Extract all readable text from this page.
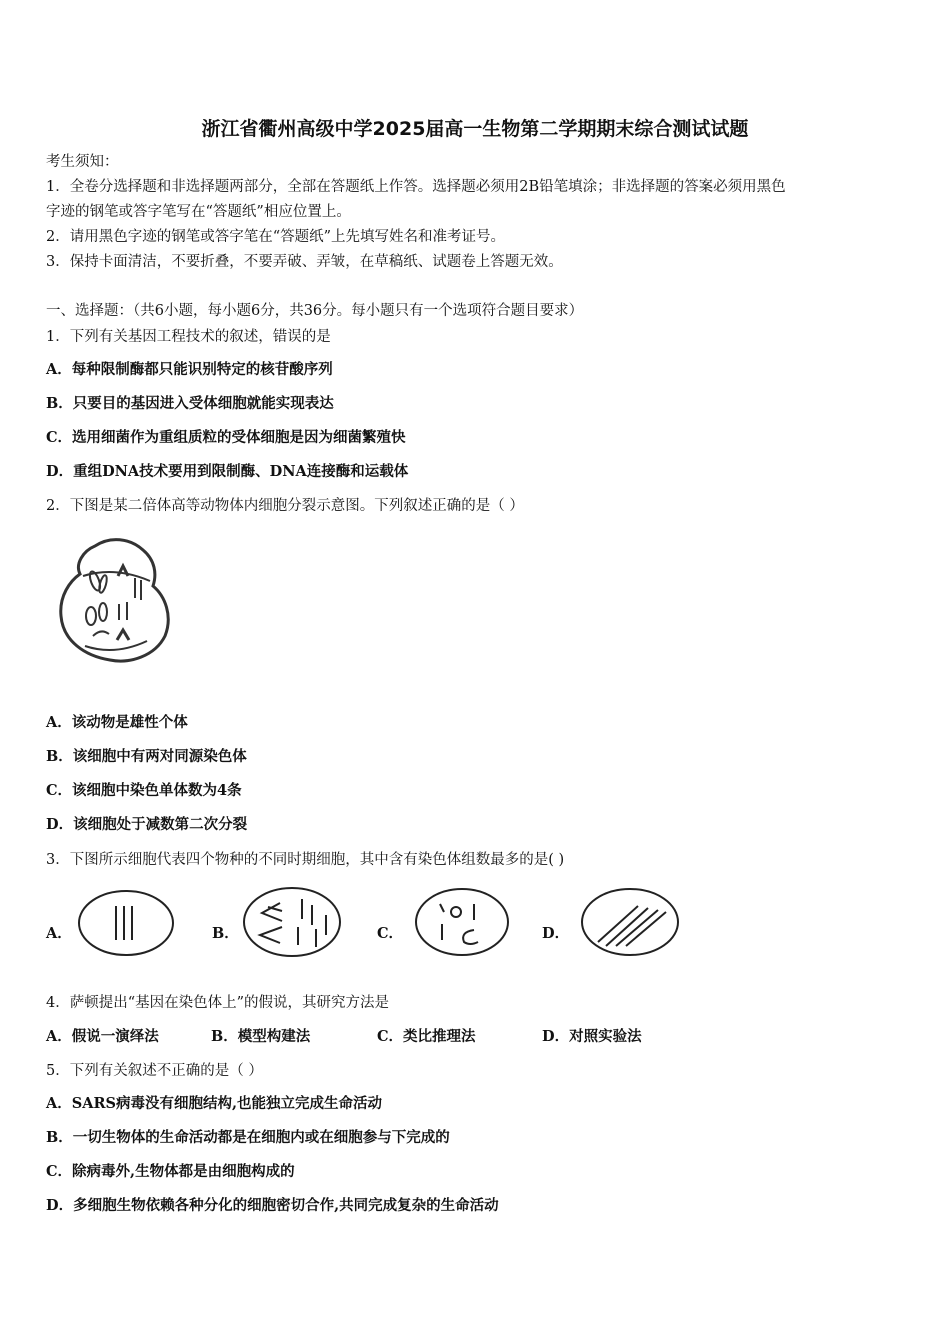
浙江省衢州高级中学2025届高一生物第二学期期末综合测试试题
考生须知：
1．全卷分选择题和非选择题两部分，全部在答题纸上作答。选择题必须用2B铅笔填涂；非选择题的答案必须用黑色
字迹的钢笔或答字笔写在“答题纸”相应位置上。
2．请用黑色字迹的钢笔或答字笔在“答题纸”上先填写姓名和准考证号。
3．保持卡面清洁，不要折叠，不要弄破、弄皱，在草稿纸、试题卷上答题无效。
一、选择题：（共6小题，每小题6分，共36分。每小题只有一个选项符合题目要求）
1．下列有关基因工程技术的叙述，错误的是
A．每种限制酶都只能识别特定的核苷酸序列
B．只要目的基因进入受体细胞就能实现表达
C．选用细菌作为重组质粒的受体细胞是因为细菌繁殖快
D．重组DNA技术要用到限制酶、DNA连接酶和运载体
2．下图是某二倍体高等动物体内细胞分裂示意图。下列叙述正确的是（ ）
A．该动物是雄性个体
B．该细胞中有两对同源染色体
C．该细胞中染色单体数为4条
D．该细胞处于减数第二次分裂
3．下图所示细胞代表四个物种的不同时期细胞，其中含有染色体组数最多的是( )
A．	B．	C．	D．
4．萨顿提出“基因在染色体上”的假说，其研究方法是
A．假说一演绎法	B．模型构建法	C．类比推理法	D．对照实验法
5．下列有关叙述不正确的是（ ）
A．SARS病毒没有细胞结构,也能独立完成生命活动
B．一切生物体的生命活动都是在细胞内或在细胞参与下完成的
C．除病毒外,生物体都是由细胞构成的
D．多细胞生物依赖各种分化的细胞密切合作,共同完成复杂的生命活动
